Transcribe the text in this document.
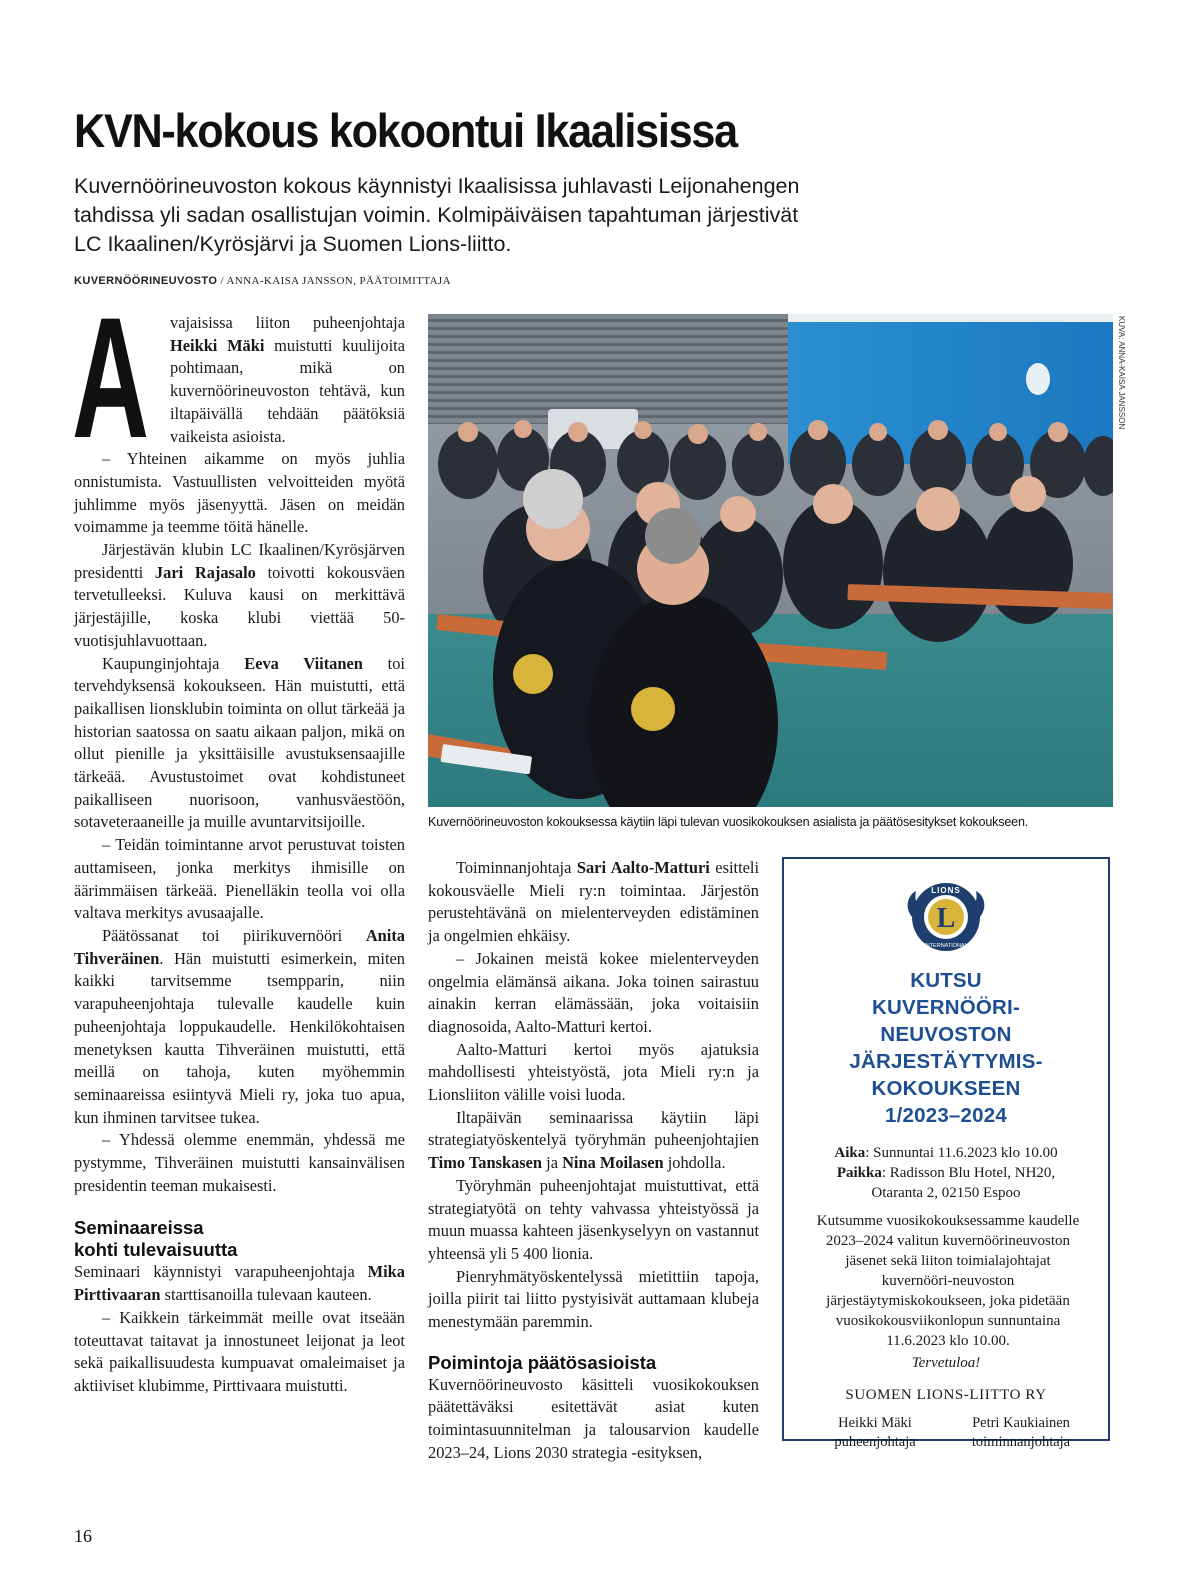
KVN-kokous kokoontui Ikaalisissa

Kuvernöörineuvoston kokous käynnistyi Ikaalisissa juhlavasti Leijonahengen tahdissa yli sadan osallistujan voimin. Kolmipäiväisen tapahtuman järjestivät LC Ikaalinen/Kyrösjärvi ja Suomen Lions-liitto.

KUVERNÖÖRINEUVOSTO / ANNA-KAISA JANSSON, PÄÄTOIMITTAJA
A	vajaisissa liiton puheenjohtaja Heikki Mäki muistutti kuulijoita pohtimaan, mikä on kuvernöörineuvoston tehtävä, kun iltapäivällä tehdään päätöksiä vaikeista asioista.

– Yhteinen aikamme on myös juhlia onnistumista. Vastuullisten velvoitteiden myötä juhlimme myös jäsenyyttä. Jäsen on meidän voimamme ja teemme töitä hänelle.

Järjestävän klubin LC Ikaalinen/Kyrösjärven presidentti Jari Rajasalo toivotti kokousväen tervetulleeksi. Kuluva kausi on merkittävä järjestäjille, koska klubi viettää 50-vuotisjuhlavuottaan.

Kaupunginjohtaja Eeva Viitanen toi tervehdyksensä kokoukseen. Hän muistutti, että paikallisen lionsklubin toiminta on ollut tärkeää ja historian saatossa on saatu aikaan paljon, mikä on ollut pienille ja yksittäisille avustuksensaajille tärkeää. Avustustoimet ovat kohdistuneet paikalliseen nuorisoon, vanhusväestöön, sotaveteraaneille ja muille avuntarvitsijoille.

– Teidän toimintanne arvot perustuvat toisten auttamiseen, jonka merkitys ihmisille on äärimmäisen tärkeää. Pienelläkin teolla voi olla valtava merkitys avusaajalle.

Päätössanat toi piirikuvernööri Anita Tihveräinen. Hän muistutti esimerkein, miten kaikki tarvitsemme tsempparin, niin varapuheenjohtaja tulevalle kaudelle kuin puheenjohtaja loppukaudelle. Henkilökohtaisen menetyksen kautta Tihveräinen muistutti, että meillä on tahoja, kuten myöhemmin seminaareissa esiintyvä Mieli ry, joka tuo apua, kun ihminen tarvitsee tukea.

– Yhdessä olemme enemmän, yhdessä me pystymme, Tihveräinen muistutti kansainvälisen presidentin teeman mukaisesti.

Seminaareissa
kohti tulevaisuutta

Seminaari käynnistyi varapuheenjohtaja Mika Pirttivaaran starttisanoilla tulevaan kauteen.

– Kaikkein tärkeimmät meille ovat itseään toteuttavat taitavat ja innostuneet leijonat ja leot sekä paikallisuudesta kumpuavat omaleimaiset ja aktiiviset klubimme, Pirttivaara muistutti.

KUVA: ANNA-KAISA JANSSON
Kuvernöörineuvoston kokouksessa käytiin läpi tulevan vuosikokouksen asialista ja päätösesitykset kokoukseen.

Toiminnanjohtaja Sari Aalto-Matturi esitteli kokousväelle Mieli ry:n toimintaa. Järjestön perustehtävänä on mielenterveyden edistäminen ja ongelmien ehkäisy.

– Jokainen meistä kokee mielenterveyden ongelmia elämänsä aikana. Joka toinen sairastuu ainakin kerran elämässään, joka voitaisiin diagnosoida, Aalto-Matturi kertoi.

Aalto-Matturi kertoi myös ajatuksia mahdollisesti yhteistyöstä, jota Mieli ry:n ja Lionsliiton välille voisi luoda.

Iltapäivän seminaarissa käytiin läpi strategiatyöskentelyä työryhmän puheenjohtajien Timo Tanskasen ja Nina Moilasen johdolla.

Työryhmän puheenjohtajat muistuttivat, että strategiatyötä on tehty vahvassa yhteistyössä ja muun muassa kahteen jäsenkyselyyn on vastannut yhteensä yli 5 400 lionia.

Pienryhmätyöskentelyssä mietittiin tapoja, joilla piirit tai liitto pystyisivät auttamaan klubeja menestymään paremmin.

Poimintoja päätösasioista

Kuvernöörineuvosto käsitteli vuosikokouksen päätettäväksi esitettävät asiat kuten toimintasuunnitelman ja talousarvion kaudelle 2023–24, Lions 2030 strategia -esityksen,

L
LIONS
INTERNATIONAL
KUTSU
KUVERNÖÖRI-
NEUVOSTON
JÄRJESTÄYTYMIS-
KOKOUKSEEN
1/2023–2024
Aika: Sunnuntai 11.6.2023 klo 10.00
Paikka: Radisson Blu Hotel, NH20,
Otaranta 2, 02150 Espoo
Kutsumme vuosikokouksessamme kaudelle 2023–2024 valitun kuvernöörineuvoston jäsenet sekä liiton toimialajohtajat kuvernööri-neuvoston järjestäytymiskokoukseen, joka pidetään vuosikokousviikonlopun sunnuntaina 11.6.2023 klo 10.00.
Tervetuloa!
SUOMEN LIONS-LIITTO RY
Heikki Mäki
puheenjohtaja
Petri Kaukiainen
toiminnanjohtaja
16
